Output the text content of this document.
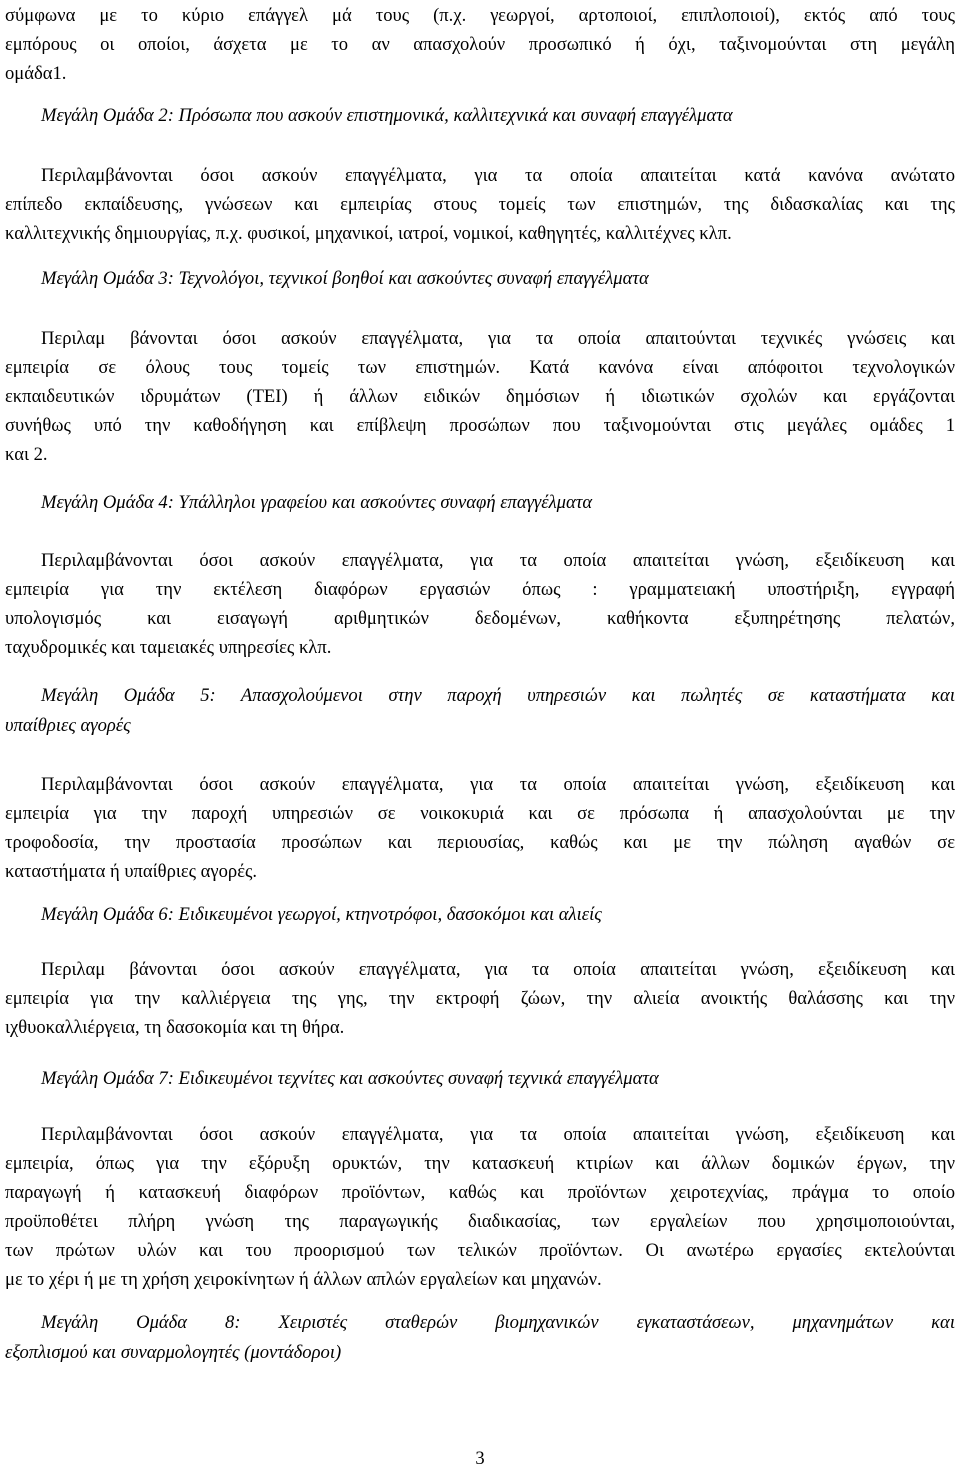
σύμφωνα με το κύριο επάγγελ μά τους (π.χ. γεωργοί, αρτοποιοί, επιπλοποιοί), εκτός από τους
εμπόρους οι οποίοι, άσχετα με το αν απασχολούν προσωπικό ή όχι, ταξινομούνται στη μεγάλη
ομάδα1.
Μεγάλη Ομάδα 2: Πρόσωπα που ασκούν επιστημονικά, καλλιτεχνικά και συναφή επαγγέλματα
Περιλαμβάνονται όσοι ασκούν επαγγέλματα, για τα οποία απαιτείται κατά κανόνα ανώτατο
επίπεδο εκπαίδευσης, γνώσεων και εμπειρίας στους τομείς των επιστημών, της διδασκαλίας και της
καλλιτεχνικής δημιουργίας, π.χ. φυσικοί, μηχανικοί, ιατροί, νομικοί, καθηγητές, καλλιτέχνες κλπ.
Μεγάλη Ομάδα 3: Τεχνολόγοι, τεχνικοί βοηθοί και ασκούντες συναφή επαγγέλματα
Περιλαμ βάνονται όσοι ασκούν επαγγέλματα, για τα οποία απαιτούνται τεχνικές γνώσεις και
εμπειρία σε όλους τους τομείς των επιστημών. Κατά κανόνα είναι απόφοιτοι τεχνολογικών
εκπαιδευτικών ιδρυμάτων (ΤΕΙ) ή άλλων ειδικών δημόσιων ή ιδιωτικών σχολών και εργάζονται
συνήθως υπό την καθοδήγηση και επίβλεψη προσώπων που ταξινομούνται στις μεγάλες ομάδες 1
και 2.
Μεγάλη Ομάδα 4: Υπάλληλοι γραφείου και ασκούντες συναφή επαγγέλματα
Περιλαμβάνονται όσοι ασκούν επαγγέλματα, για τα οποία απαιτείται γνώση, εξειδίκευση και
εμπειρία για την εκτέλεση διαφόρων εργασιών όπως : γραμματειακή υποστήριξη, εγγραφή
υπολογισμός και εισαγωγή αριθμητικών δεδομένων, καθήκοντα εξυπηρέτησης πελατών,
ταχυδρομικές και ταμειακές υπηρεσίες κλπ.
Μεγάλη Ομάδα 5: Απασχολούμενοι στην παροχή υπηρεσιών και πωλητές σε καταστήματα και
υπαίθριες αγορές
Περιλαμβάνονται όσοι ασκούν επαγγέλματα, για τα οποία απαιτείται γνώση, εξειδίκευση και
εμπειρία για την παροχή υπηρεσιών σε νοικοκυριά και σε πρόσωπα ή απασχολούνται με την
τροφοδοσία, την προστασία προσώπων και περιουσίας, καθώς και με την πώληση αγαθών σε
καταστήματα ή υπαίθριες αγορές.
Μεγάλη Ομάδα 6: Ειδικευμένοι γεωργοί, κτηνοτρόφοι, δασοκόμοι και αλιείς
Περιλαμ βάνονται όσοι ασκούν επαγγέλματα, για τα οποία απαιτείται γνώση, εξειδίκευση και
εμπειρία για την καλλιέργεια της γης, την εκτροφή ζώων, την αλιεία ανοικτής θαλάσσης και την
ιχθυοκαλλιέργεια, τη δασοκομία και τη θήρα.
Μεγάλη Ομάδα 7: Ειδικευμένοι τεχνίτες και ασκούντες συναφή τεχνικά επαγγέλματα
Περιλαμβάνονται όσοι ασκούν επαγγέλματα, για τα οποία απαιτείται γνώση, εξειδίκευση και
εμπειρία, όπως για την εξόρυξη ορυκτών, την κατασκευή κτιρίων και άλλων δομικών έργων, την
παραγωγή ή κατασκευή διαφόρων προϊόντων, καθώς και προϊόντων χειροτεχνίας, πράγμα το οποίο
προϋποθέτει πλήρη γνώση της παραγωγικής διαδικασίας, των εργαλείων που χρησιμοποιούνται,
των πρώτων υλών και του προορισμού των τελικών προϊόντων. Οι ανωτέρω εργασίες εκτελούνται
με το χέρι ή με τη χρήση χειροκίνητων ή άλλων απλών εργαλείων και μηχανών.
Μεγάλη Ομάδα 8: Χειριστές σταθερών βιομηχανικών εγκαταστάσεων, μηχανημάτων και
εξοπλισμού και συναρμολογητές (μοντάδοροι)
3
